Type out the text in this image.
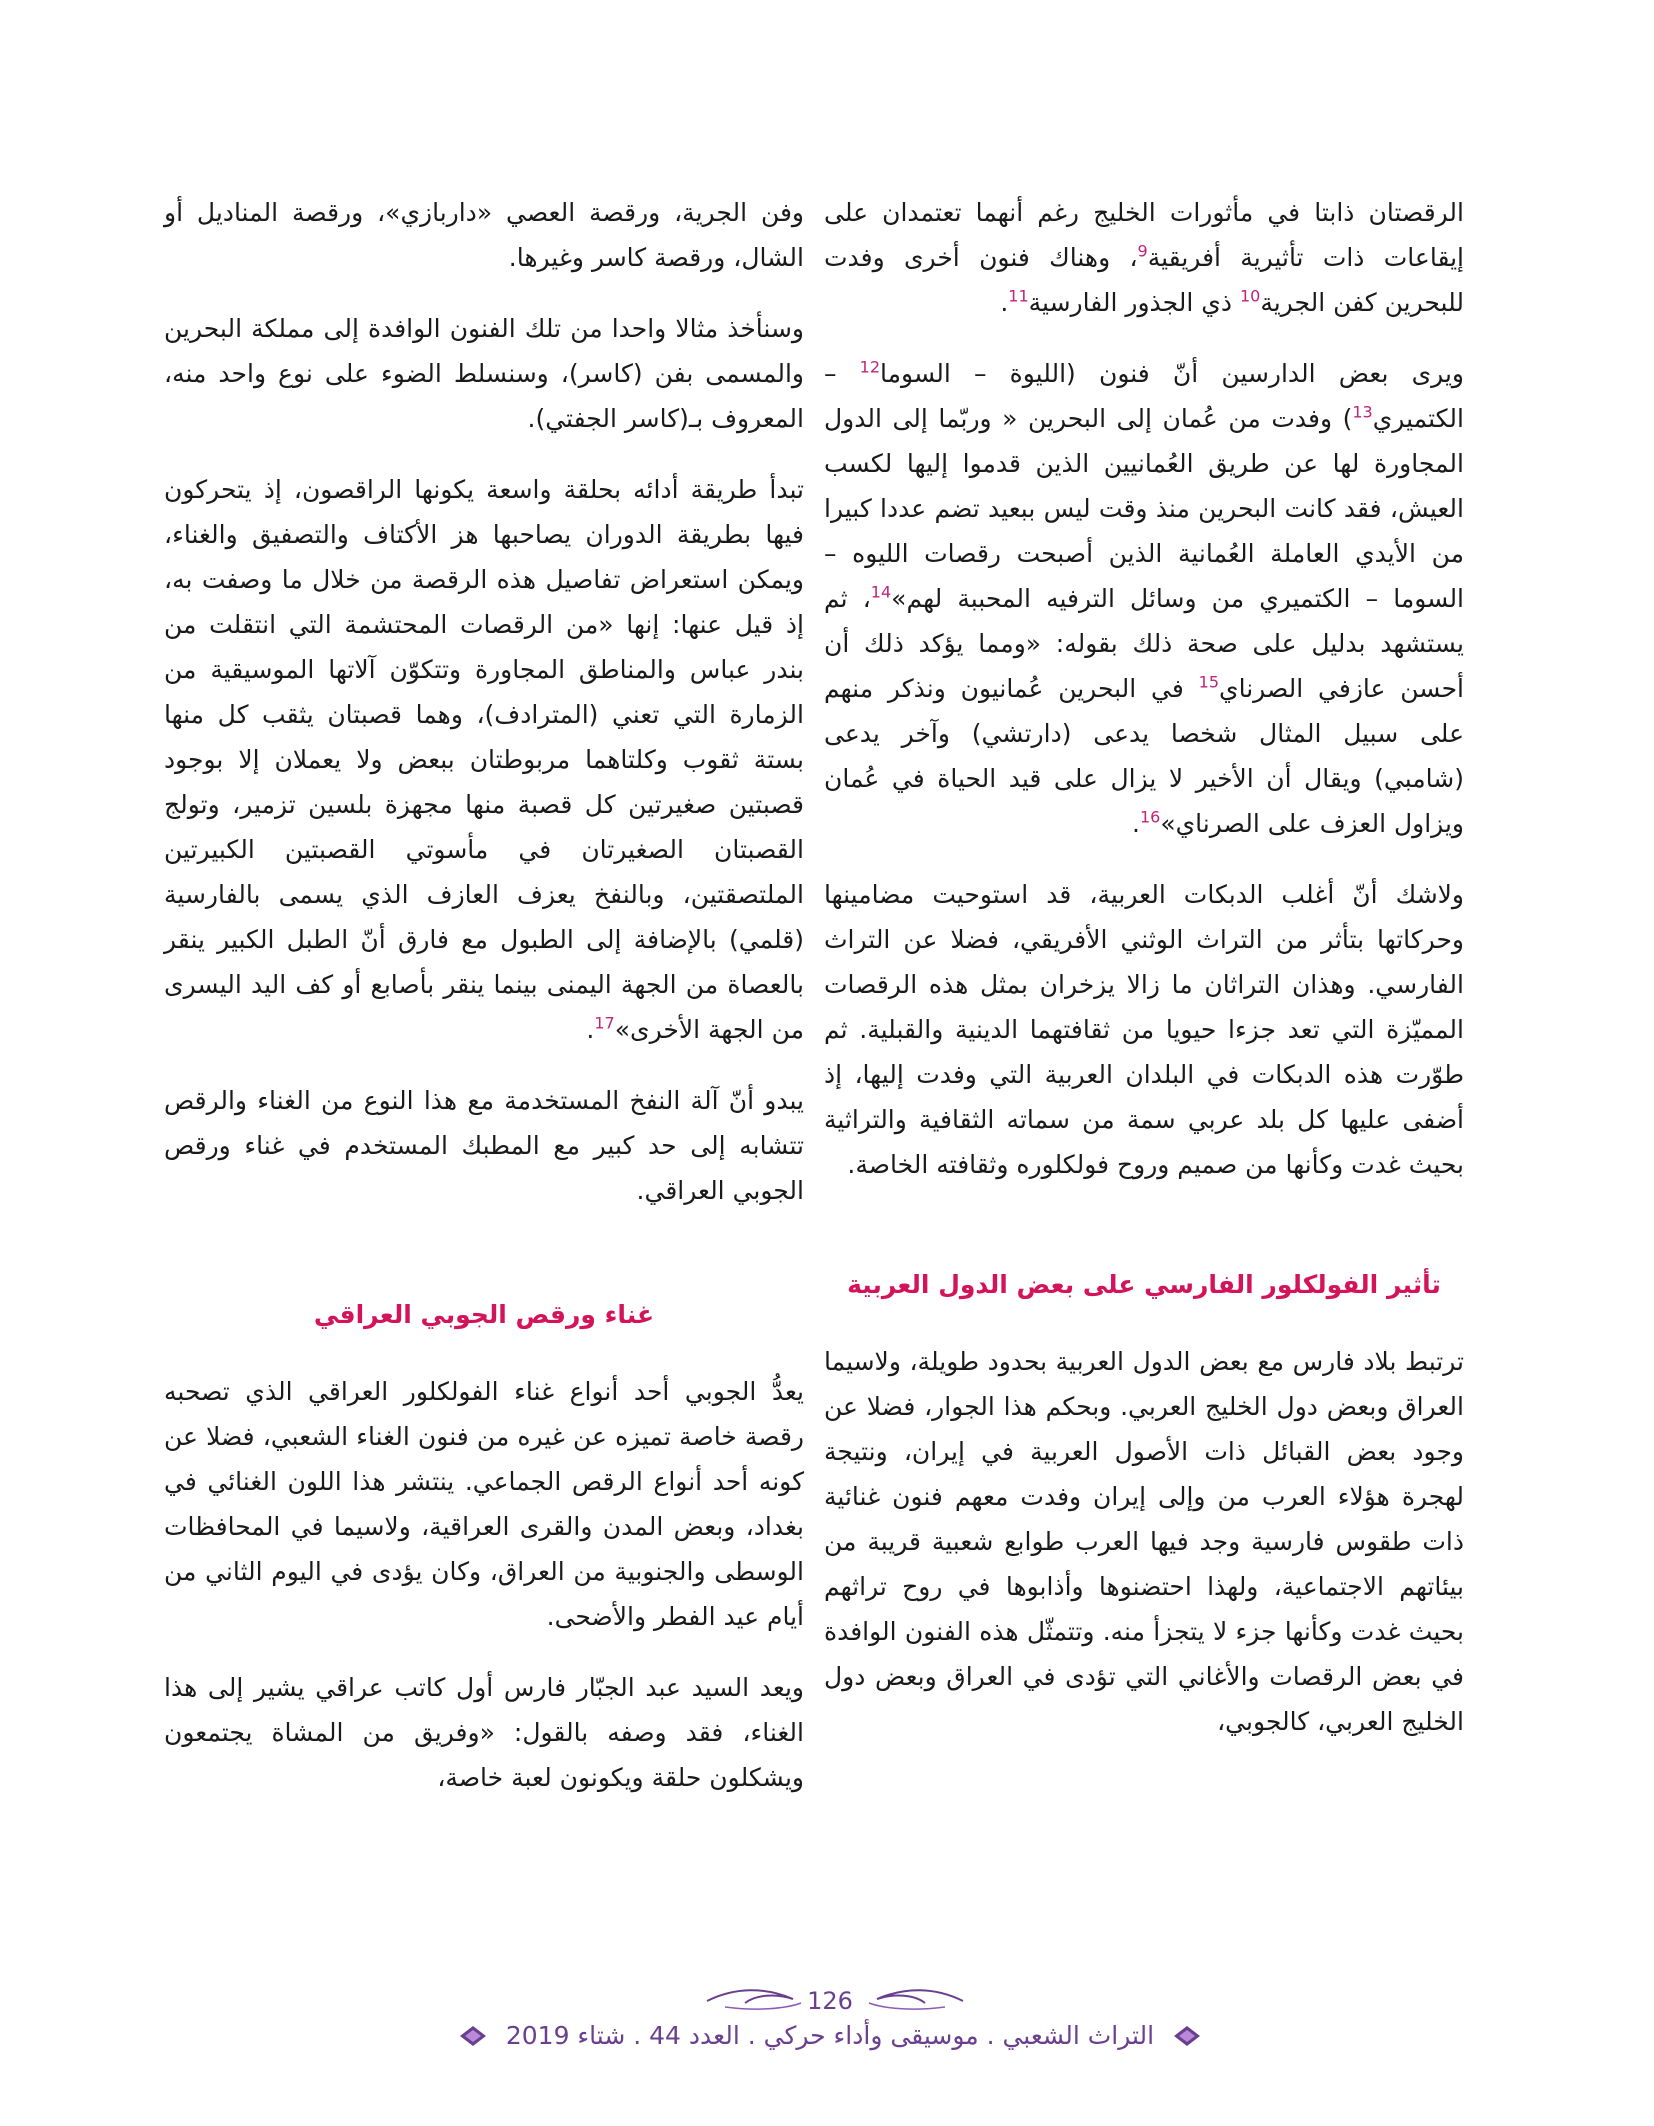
الرقصتان ذابتا في مأثورات الخليج رغم أنهما تعتمدان على إيقاعات ذات تأثيرية أفريقية$^9$، وهناك فنون أخرى وفدت للبحرين كفن الجرية$^{10}$ ذي الجذور الفارسية$^{11}$.

ويرى بعض الدارسين أنّ فنون (الليوة – السوما$^{12}$ – الكتميري$^{13}$) وفدت من عُمان إلى البحرين « وربّما إلى الدول المجاورة لها عن طريق العُمانيين الذين قدموا إليها لكسب العيش، فقد كانت البحرين منذ وقت ليس ببعيد تضم عددا كبيرا من الأيدي العاملة العُمانية الذين أصبحت رقصات الليوه – السوما – الكتميري من وسائل الترفيه المحببة لهم»$^{14}$، ثم يستشهد بدليل على صحة ذلك بقوله: «ومما يؤكد ذلك أن أحسن عازفي الصرناي$^{15}$ في البحرين عُمانيون ونذكر منهم على سبيل المثال شخصا يدعى (دارتشي) وآخر يدعى (شامبي) ويقال أن الأخير لا يزال على قيد الحياة في عُمان ويزاول العزف على الصرناي»$^{16}$.

ولاشك أنّ أغلب الدبكات العربية، قد استوحيت مضامينها وحركاتها بتأثر من التراث الوثني الأفريقي، فضلا عن التراث الفارسي. وهذان التراثان ما زالا يزخران بمثل هذه الرقصات المميّزة التي تعد جزءا حيويا من ثقافتهما الدينية والقبلية. ثم طوّرت هذه الدبكات في البلدان العربية التي وفدت إليها، إذ أضفى عليها كل بلد عربي سمة من سماته الثقافية والتراثية بحيث غدت وكأنها من صميم وروح فولكلوره وثقافته الخاصة.

تأثير الفولكلور الفارسي على بعض الدول العربية

ترتبط بلاد فارس مع بعض الدول العربية بحدود طويلة، ولاسيما العراق وبعض دول الخليج العربي. وبحكم هذا الجوار، فضلا عن وجود بعض القبائل ذات الأصول العربية في إيران، ونتيجة لهجرة هؤلاء العرب من وإلى إيران وفدت معهم فنون غنائية ذات طقوس فارسية وجد فيها العرب طوابع شعبية قريبة من بيئاتهم الاجتماعية، ولهذا احتضنوها وأذابوها في روح تراثهم بحيث غدت وكأنها جزء لا يتجزأ منه. وتتمثّل هذه الفنون الوافدة في بعض الرقصات والأغاني التي تؤدى في العراق وبعض دول الخليج العربي، كالجوبي،

وفن الجرية، ورقصة العصي «داربازي»، ورقصة المناديل أو الشال، ورقصة كاسر وغيرها.

وسنأخذ مثالا واحدا من تلك الفنون الوافدة إلى مملكة البحرين والمسمى بفن (كاسر)، وسنسلط الضوء على نوع واحد منه، المعروف بـ(كاسر الجفتي).

تبدأ طريقة أدائه بحلقة واسعة يكونها الراقصون، إذ يتحركون فيها بطريقة الدوران يصاحبها هز الأكتاف والتصفيق والغناء، ويمكن استعراض تفاصيل هذه الرقصة من خلال ما وصفت به، إذ قيل عنها: إنها «من الرقصات المحتشمة التي انتقلت من بندر عباس والمناطق المجاورة وتتكوّن آلاتها الموسيقية من الزمارة التي تعني (المترادف)، وهما قصبتان يثقب كل منها بستة ثقوب وكلتاهما مربوطتان ببعض ولا يعملان إلا بوجود قصبتين صغيرتين كل قصبة منها مجهزة بلسين تزمير، وتولج القصبتان الصغيرتان في مأسوتي القصبتين الكبيرتين الملتصقتين، وبالنفخ يعزف العازف الذي يسمى بالفارسية (قلمي) بالإضافة إلى الطبول مع فارق أنّ الطبل الكبير ينقر بالعصاة من الجهة اليمنى بينما ينقر بأصابع أو كف اليد اليسرى من الجهة الأخرى»$^{17}$.

يبدو أنّ آلة النفخ المستخدمة مع هذا النوع من الغناء والرقص تتشابه إلى حد كبير مع المطبك المستخدم في غناء ورقص الجوبي العراقي.

غناء ورقص الجوبي العراقي

يعدُّ الجوبي أحد أنواع غناء الفولكلور العراقي الذي تصحبه رقصة خاصة تميزه عن غيره من فنون الغناء الشعبي، فضلا عن كونه أحد أنواع الرقص الجماعي. ينتشر هذا اللون الغنائي في بغداد، وبعض المدن والقرى العراقية، ولاسيما في المحافظات الوسطى والجنوبية من العراق، وكان يؤدى في اليوم الثاني من أيام عيد الفطر والأضحى.

ويعد السيد عبد الجبّار فارس أول كاتب عراقي يشير إلى هذا الغناء، فقد وصفه بالقول: «وفريق من المشاة يجتمعون ويشكلون حلقة ويكونون لعبة خاصة،

126
التراث الشعبي . موسيقى وأداء حركي . العدد 44 . شتاء 2019
